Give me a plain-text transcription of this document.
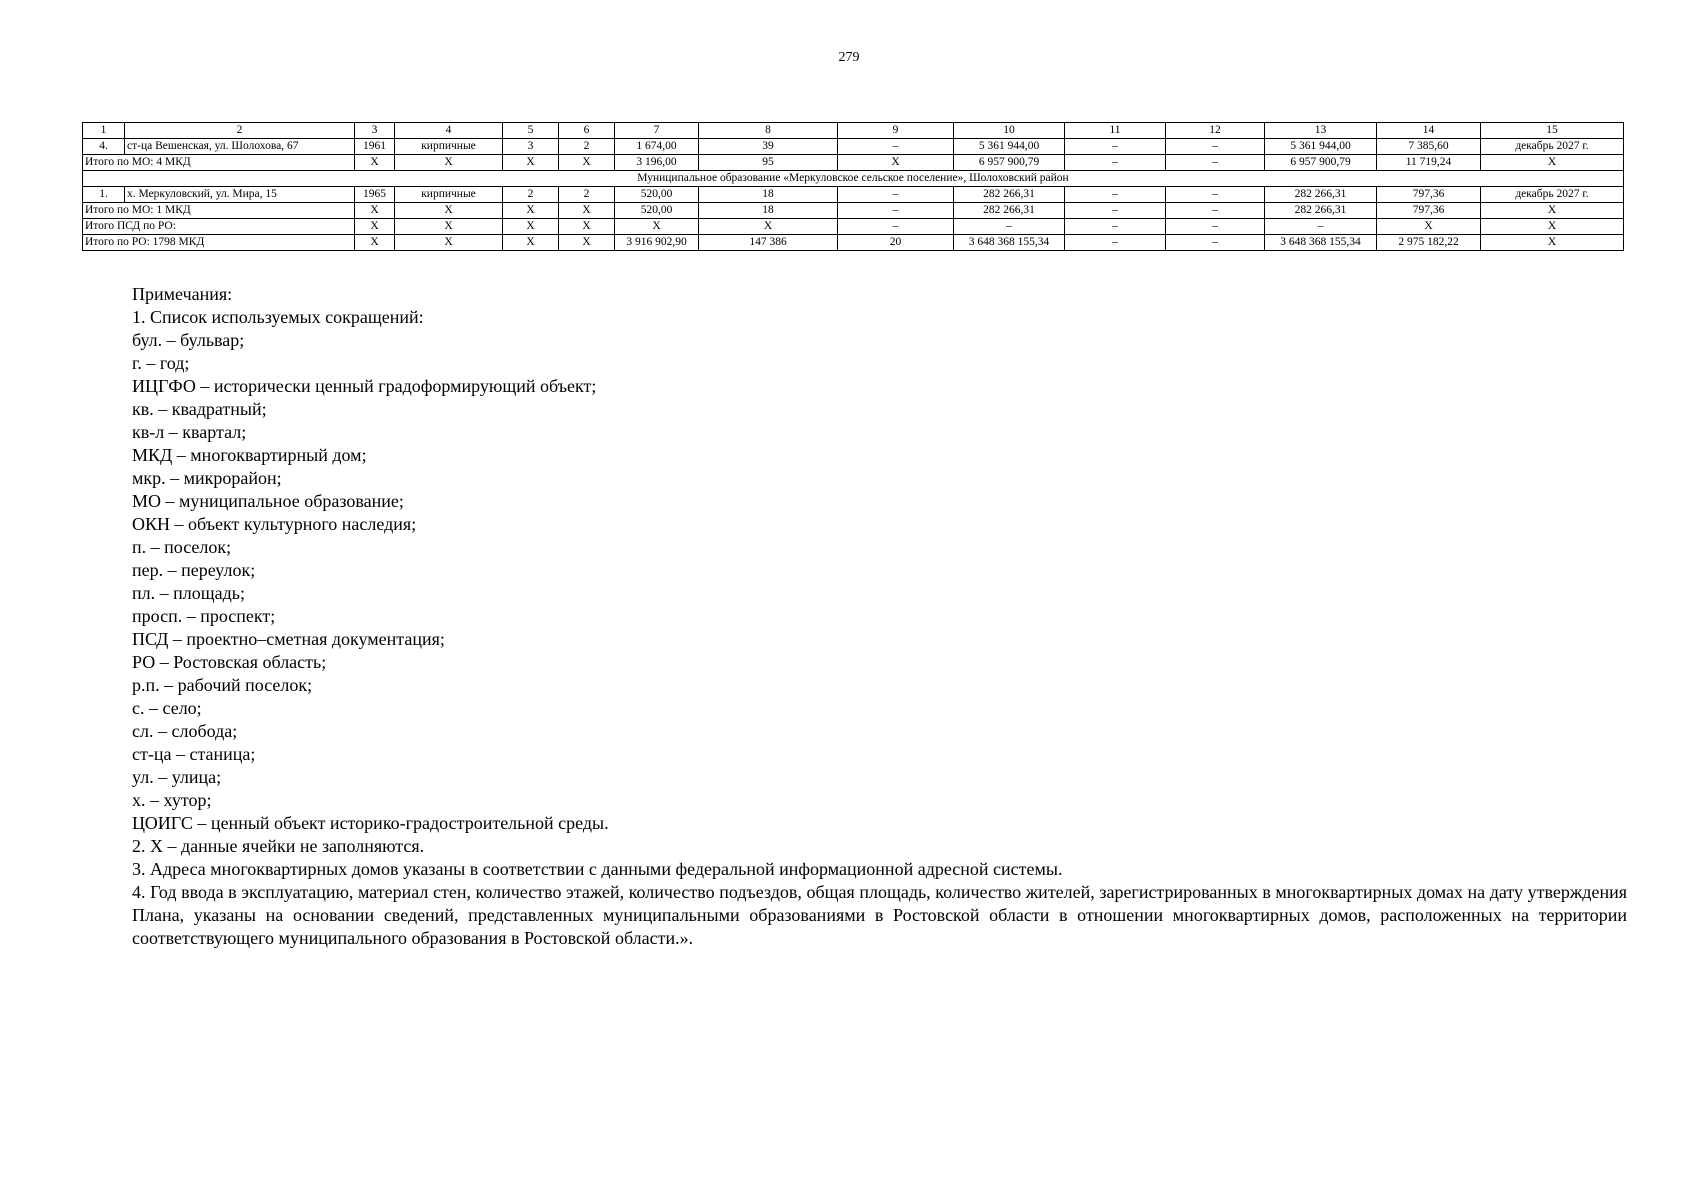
279
1	2	3	4	5	6	7	8	9	10	11	12	13	14	15
4.	ст-ца Вешенская, ул. Шолохова, 67	1961	кирпичные	3	2	1 674,00	39	–	5 361 944,00	–	–	5 361 944,00	7 385,60	декабрь 2027 г.
Итого по МО: 4 МКД		X	X	X	X	3 196,00	95	X	6 957 900,79	–	–	6 957 900,79	11 719,24	X
Муниципальное образование «Меркуловское сельское поселение», Шолоховский район														
1.	х. Меркуловский, ул. Мира, 15	1965	кирпичные	2	2	520,00	18	–	282 266,31	–	–	282 266,31	797,36	декабрь 2027 г.
Итого по МО: 1 МКД		X	X	X	X	520,00	18	–	282 266,31	–	–	282 266,31	797,36	X
Итого ПСД по РО:		X	X	X	X	X	X	–	–	–	–	–	X	X
Итого по РО: 1798 МКД		X	X	X	X	3 916 902,90	147 386	20	3 648 368 155,34	–	–	3 648 368 155,34	2 975 182,22	X
Примечания:
1. Список используемых сокращений:
бул. – бульвар;
г. – год;
ИЦГФО – исторически ценный градоформирующий объект;
кв. – квадратный;
кв-л – квартал;
МКД – многоквартирный дом;
мкр. – микрорайон;
МО – муниципальное образование;
ОКН – объект культурного наследия;
п. – поселок;
пер. – переулок;
пл. – площадь;
просп. – проспект;
ПСД – проектно–сметная документация;
РО – Ростовская область;
р.п. – рабочий поселок;
с. – село;
сл. – слобода;
ст-ца – станица;
ул. – улица;
х. – хутор;
ЦОИГС – ценный объект историко-градостроительной среды.
2. X – данные ячейки не заполняются.
3. Адреса многоквартирных домов указаны в соответствии с данными федеральной информационной адресной системы.
4. Год ввода в эксплуатацию, материал стен, количество этажей, количество подъездов, общая площадь, количество жителей, зарегистрированных в многоквартирных домах на дату утверждения Плана, указаны на основании сведений, представленных муниципальными образованиями в Ростовской области в отношении многоквартирных домов, расположенных на территории соответствующего муниципального образования в Ростовской области.».
